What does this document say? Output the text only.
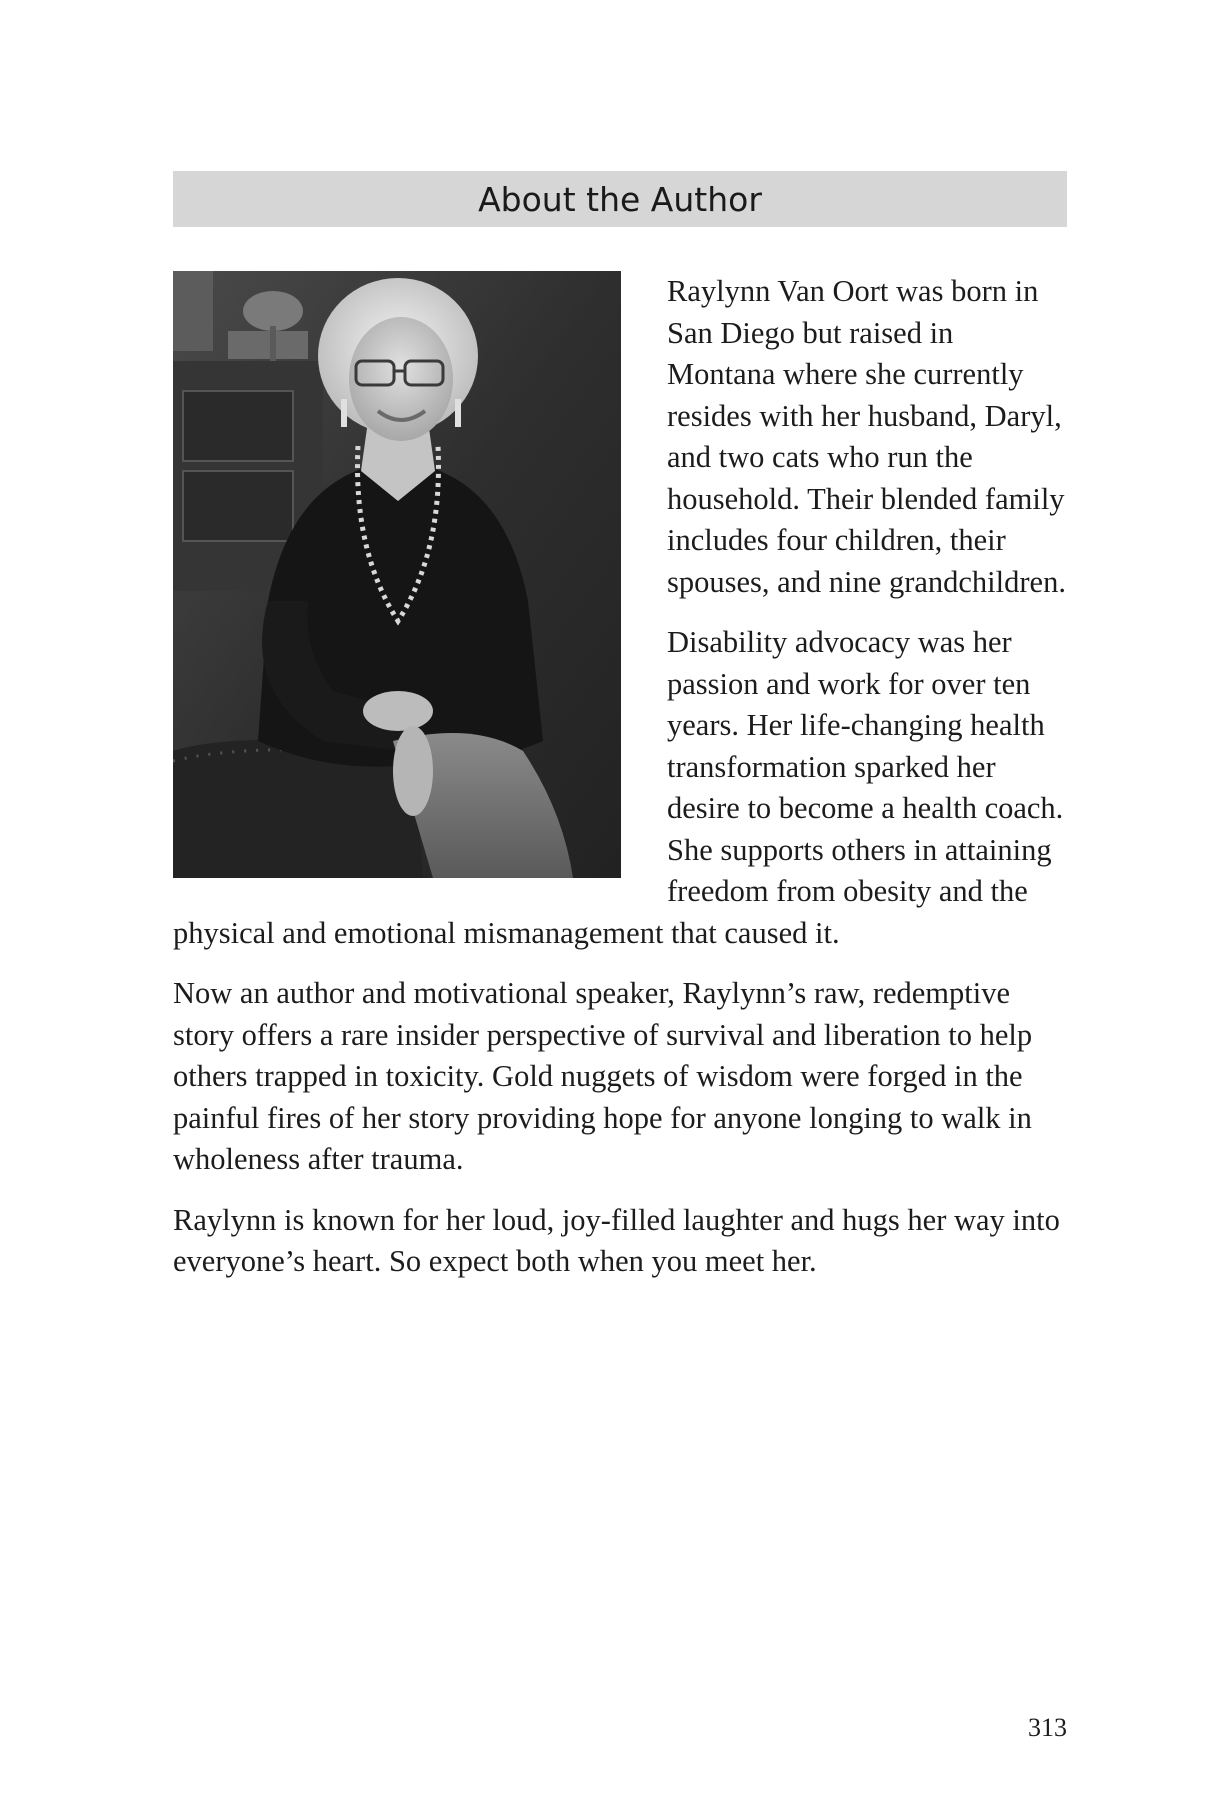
About the Author

Raylynn Van Oort was born in San Diego but raised in Montana where she currently resides with her husband, Daryl, and two cats who run the household. Their blended family includes four children, their spouses, and nine grandchildren.

Disability advocacy was her passion and work for over ten years. Her life-changing health transformation sparked her desire to become a health coach. She supports others in attaining freedom from obesity and the physical and emotional mismanagement that caused it.

Now an author and motivational speaker, Raylynn’s raw, redemptive story offers a rare insider perspective of survival and liberation to help others trapped in toxicity. Gold nuggets of wisdom were forged in the painful fires of her story providing hope for anyone longing to walk in wholeness after trauma.

Raylynn is known for her loud, joy-filled laughter and hugs her way into everyone’s heart. So expect both when you meet her.

313
